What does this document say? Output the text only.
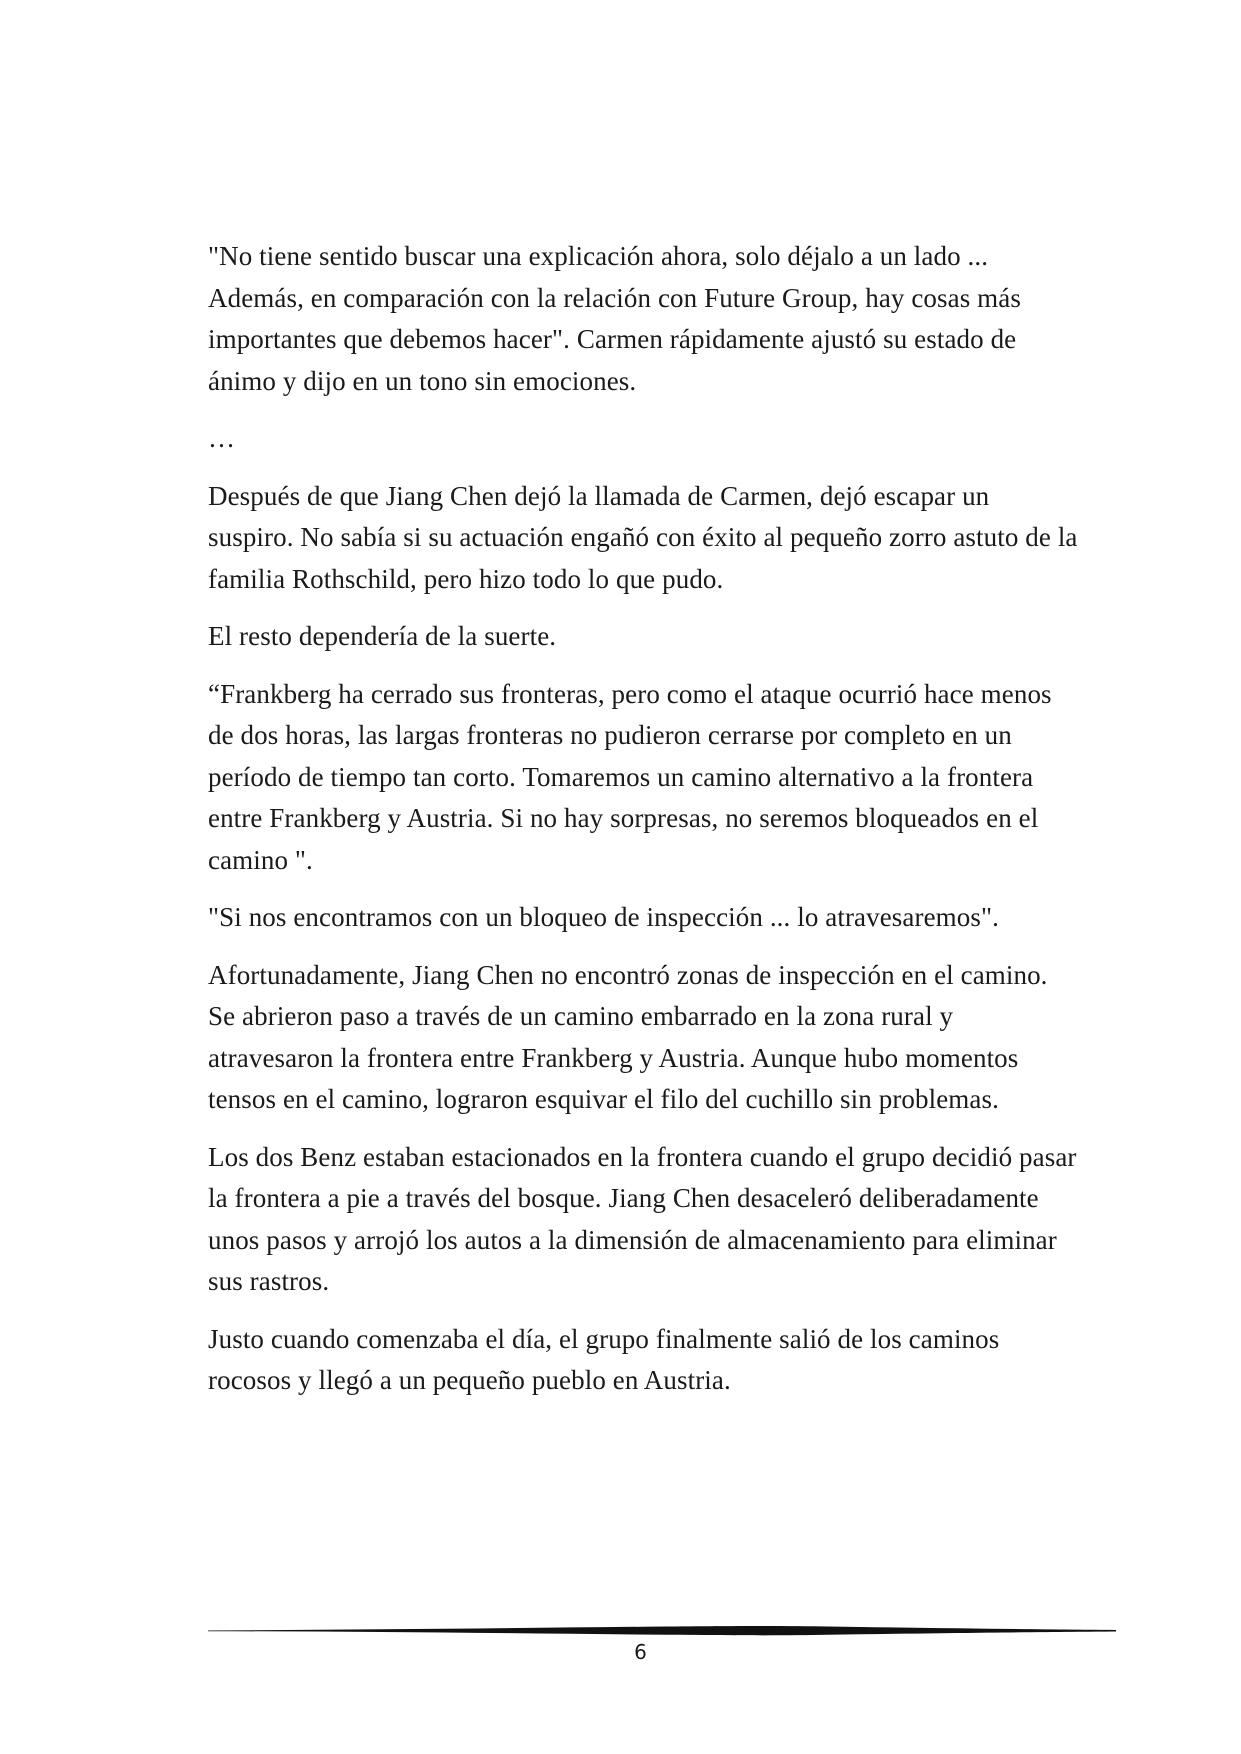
"No tiene sentido buscar una explicación ahora, solo déjalo a un lado ... Además, en comparación con la relación con Future Group, hay cosas más importantes que debemos hacer". Carmen rápidamente ajustó su estado de ánimo y dijo en un tono sin emociones.

…

Después de que Jiang Chen dejó la llamada de Carmen, dejó escapar un suspiro. No sabía si su actuación engañó con éxito al pequeño zorro astuto de la familia Rothschild, pero hizo todo lo que pudo.

El resto dependería de la suerte.

“Frankberg ha cerrado sus fronteras, pero como el ataque ocurrió hace menos de dos horas, las largas fronteras no pudieron cerrarse por completo en un período de tiempo tan corto. Tomaremos un camino alternativo a la frontera entre Frankberg y Austria. Si no hay sorpresas, no seremos bloqueados en el camino ".

"Si nos encontramos con un bloqueo de inspección ... lo atravesaremos".

Afortunadamente, Jiang Chen no encontró zonas de inspección en el camino. Se abrieron paso a través de un camino embarrado en la zona rural y atravesaron la frontera entre Frankberg y Austria. Aunque hubo momentos tensos en el camino, lograron esquivar el filo del cuchillo sin problemas.

Los dos Benz estaban estacionados en la frontera cuando el grupo decidió pasar la frontera a pie a través del bosque. Jiang Chen desaceleró deliberadamente unos pasos y arrojó los autos a la dimensión de almacenamiento para eliminar sus rastros.

Justo cuando comenzaba el día, el grupo finalmente salió de los caminos rocosos y llegó a un pequeño pueblo en Austria.

6
